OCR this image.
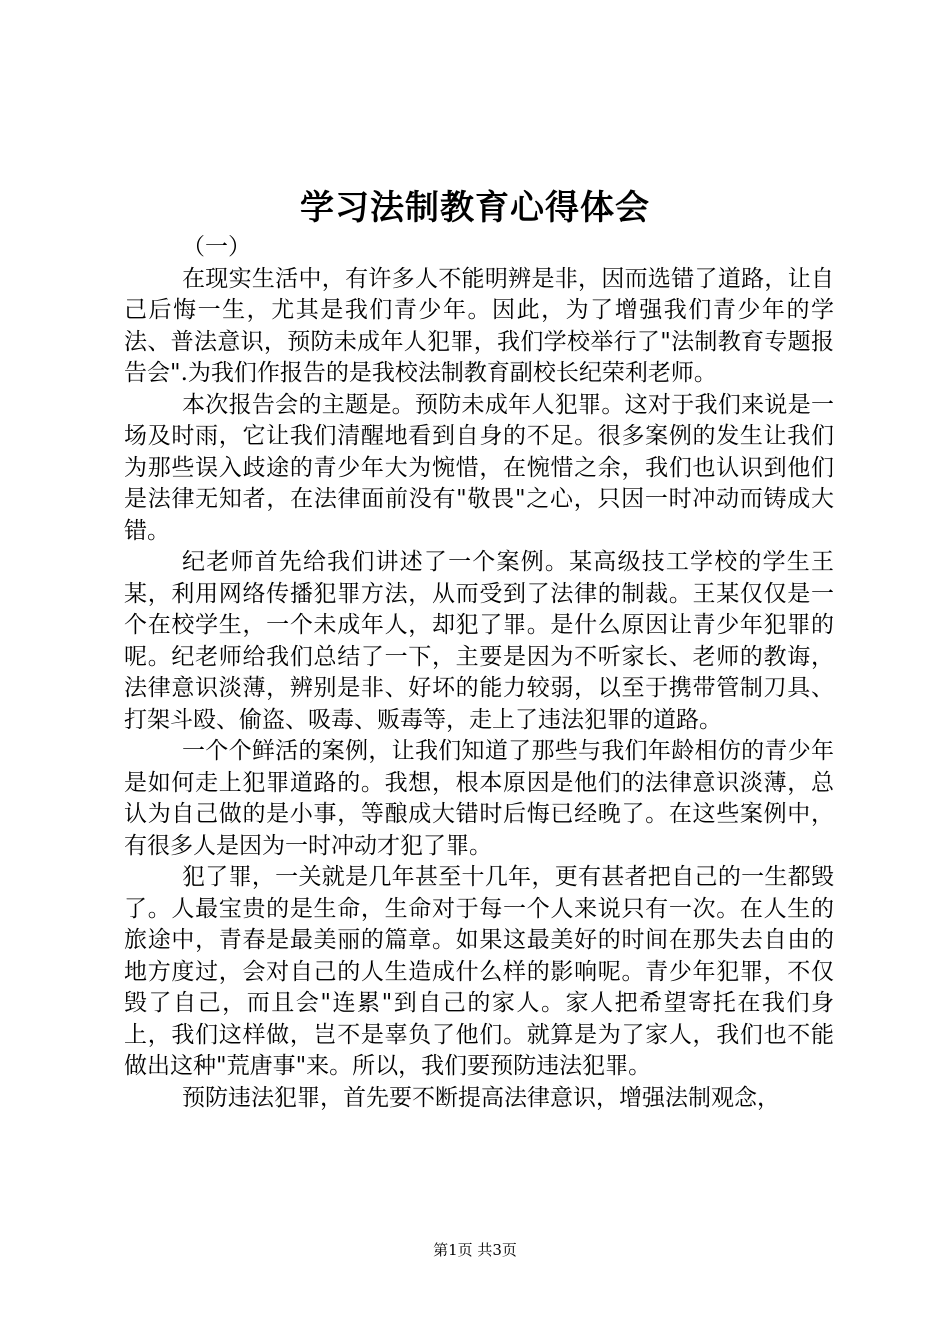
学习法制教育心得体会

（一）

在现实生活中，有许多人不能明辨是非，因而选错了道路，让自己后悔一生，尤其是我们青少年。因此，为了增强我们青少年的学法、普法意识，预防未成年人犯罪，我们学校举行了"法制教育专题报告会".为我们作报告的是我校法制教育副校长纪荣利老师。

本次报告会的主题是。预防未成年人犯罪。这对于我们来说是一场及时雨，它让我们清醒地看到自身的不足。很多案例的发生让我们为那些误入歧途的青少年大为惋惜，在惋惜之余，我们也认识到他们是法律无知者，在法律面前没有"敬畏"之心，只因一时冲动而铸成大错。

纪老师首先给我们讲述了一个案例。某高级技工学校的学生王某，利用网络传播犯罪方法，从而受到了法律的制裁。王某仅仅是一个在校学生，一个未成年人，却犯了罪。是什么原因让青少年犯罪的呢。纪老师给我们总结了一下，主要是因为不听家长、老师的教诲，法律意识淡薄，辨别是非、好坏的能力较弱，以至于携带管制刀具、打架斗殴、偷盗、吸毒、贩毒等，走上了违法犯罪的道路。

一个个鲜活的案例，让我们知道了那些与我们年龄相仿的青少年是如何走上犯罪道路的。我想，根本原因是他们的法律意识淡薄，总认为自己做的是小事，等酿成大错时后悔已经晚了。在这些案例中，有很多人是因为一时冲动才犯了罪。

犯了罪，一关就是几年甚至十几年，更有甚者把自己的一生都毁了。人最宝贵的是生命，生命对于每一个人来说只有一次。在人生的旅途中，青春是最美丽的篇章。如果这最美好的时间在那失去自由的地方度过，会对自己的人生造成什么样的影响呢。青少年犯罪，不仅毁了自己，而且会"连累"到自己的家人。家人把希望寄托在我们身上，我们这样做，岂不是辜负了他们。就算是为了家人，我们也不能做出这种"荒唐事"来。所以，我们要预防违法犯罪。

预防违法犯罪，首先要不断提高法律意识，增强法制观念，

第1页 共3页
